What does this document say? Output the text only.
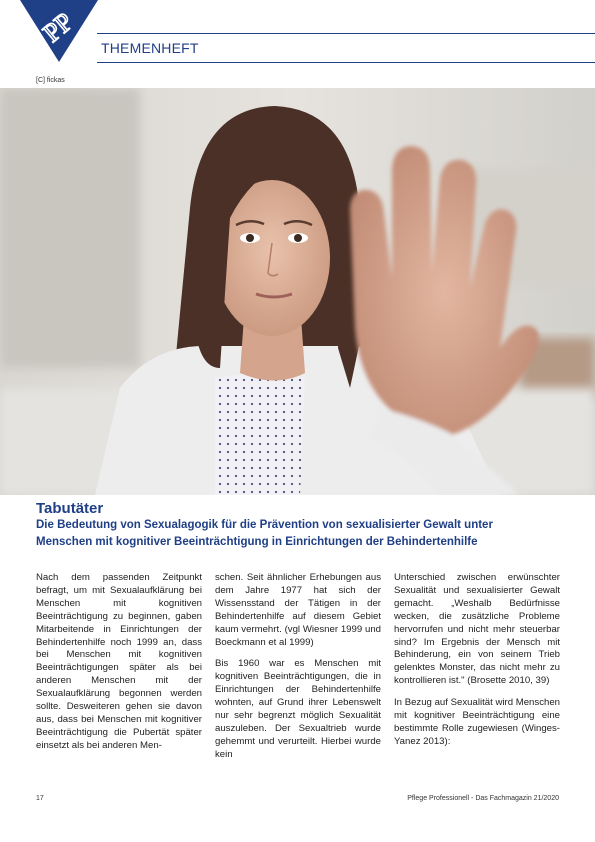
PP
THEMENHEFT
[C] fickas
Tabutäter

Die Bedeutung von Sexualagogik für die Prävention von sexualisierter Gewalt unter Menschen mit kognitiver Beeinträchtigung in Einrichtungen der Behindertenhilfe

Nach dem passenden Zeitpunkt befragt, um mit Sexualaufklärung bei Menschen mit kognitiven Beeinträchtigung zu beginnen, gaben Mitarbeitende in Einrichtungen der Behindertenhilfe noch 1999 an, dass bei Menschen mit kognitiven Beeinträchtigungen später als bei anderen Menschen mit der Sexualaufklärung begonnen werden sollte. Desweiteren gehen sie davon aus, dass bei Menschen mit kognitiver Beeinträchtigung die Pubertät später einsetzt als bei anderen Men-

schen. Seit ähnlicher Erhebungen aus dem Jahre 1977 hat sich der Wissensstand der Tätigen in der Behindertenhilfe auf diesem Gebiet kaum vermehrt. (vgl Wiesner 1999 und Boeckmann et al 1999)

Bis 1960 war es Menschen mit kognitiven Beeinträchtigungen, die in Einrichtungen der Behindertenhilfe wohnten, auf Grund ihrer Lebenswelt nur sehr begrenzt möglich Sexualität auszuleben. Der Sexualtrieb wurde gehemmt und verurteilt. Hierbei wurde kein

Unterschied zwischen erwünschter Sexualität und sexualisierter Gewalt gemacht. „Weshalb Bedürfnisse wecken, die zusätzliche Probleme hervorrufen und nicht mehr steuerbar sind? Im Ergebnis der Mensch mit Behinderung, ein von seinem Trieb gelenktes Monster, das nicht mehr zu kontrollieren ist." (Brosette 2010, 39)

In Bezug auf Sexualität wird Menschen mit kognitiver Beeinträchtigung eine bestimmte Rolle zugewiesen (Winges-Yanez 2013):

17	Pflege Professionell - Das Fachmagazin 21/2020
